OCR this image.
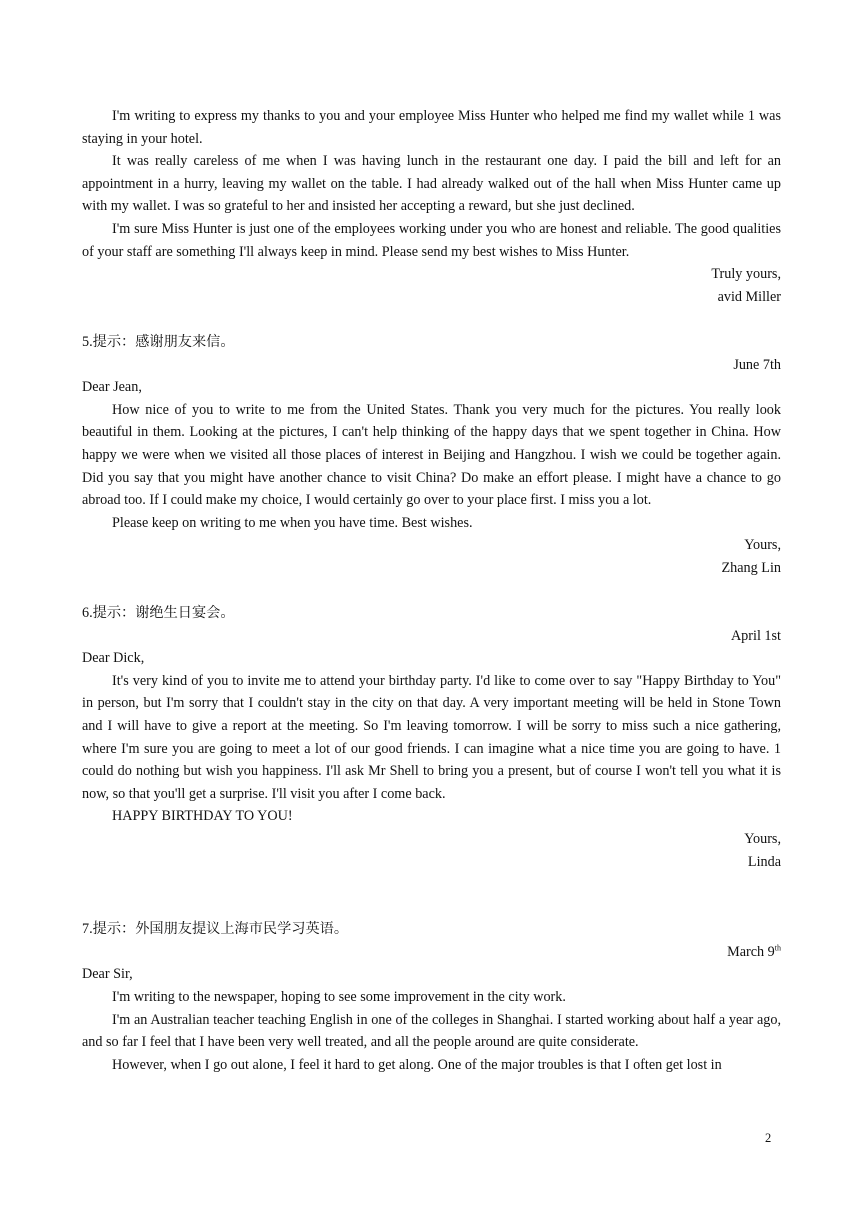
I'm writing to express my thanks to you and your employee Miss Hunter who helped me find my wallet while 1 was staying in your hotel.

It was really careless of me when I was having lunch in the restaurant one day. I paid the bill and left for an appointment in a hurry, leaving my wallet on the table. I had already walked out of the hall when Miss Hunter came up with my wallet. I was so grateful to her and insisted her accepting a reward, but she just declined.

I'm sure Miss Hunter is just one of the employees working under you who are honest and reliable. The good qualities of your staff are something I'll always keep in mind. Please send my best wishes to Miss Hunter.

Truly yours,

avid Miller

5.提示：感谢朋友来信。

June 7th

Dear Jean,

How nice of you to write to me from the United States. Thank you very much for the pictures. You really look beautiful in them. Looking at the pictures, I can't help thinking of the happy days that we spent together in China. How happy we were when we visited all those places of interest in Beijing and Hangzhou. I wish we could be together again. Did you say that you might have another chance to visit China? Do make an effort please. I might have a chance to go abroad too. If I could make my choice, I would certainly go over to your place first. I miss you a lot.

Please keep on writing to me when you have time. Best wishes.

Yours,

Zhang Lin

6.提示：谢绝生日宴会。

April 1st

Dear Dick,

It's very kind of you to invite me to attend your birthday party. I'd like to come over to say "Happy Birthday to You" in person, but I'm sorry that I couldn't stay in the city on that day. A very important meeting will be held in Stone Town and I will have to give a report at the meeting. So I'm leaving tomorrow. I will be sorry to miss such a nice gathering, where I'm sure you are going to meet a lot of our good friends. I can imagine what a nice time you are going to have. 1 could do nothing but wish you happiness. I'll ask Mr Shell to bring you a present, but of course I won't tell you what it is now, so that you'll get a surprise. I'll visit you after I come back.

HAPPY BIRTHDAY TO YOU!

Yours,

Linda

7.提示：外国朋友提议上海市民学习英语。

March 9th

Dear Sir,

I'm writing to the newspaper, hoping to see some improvement in the city work.

I'm an Australian teacher teaching English in one of the colleges in Shanghai. I started working about half a year ago, and so far I feel that I have been very well treated, and all the people around are quite considerate.

However, when I go out alone, I feel it hard to get along. One of the major troubles is that I often get lost in

2
